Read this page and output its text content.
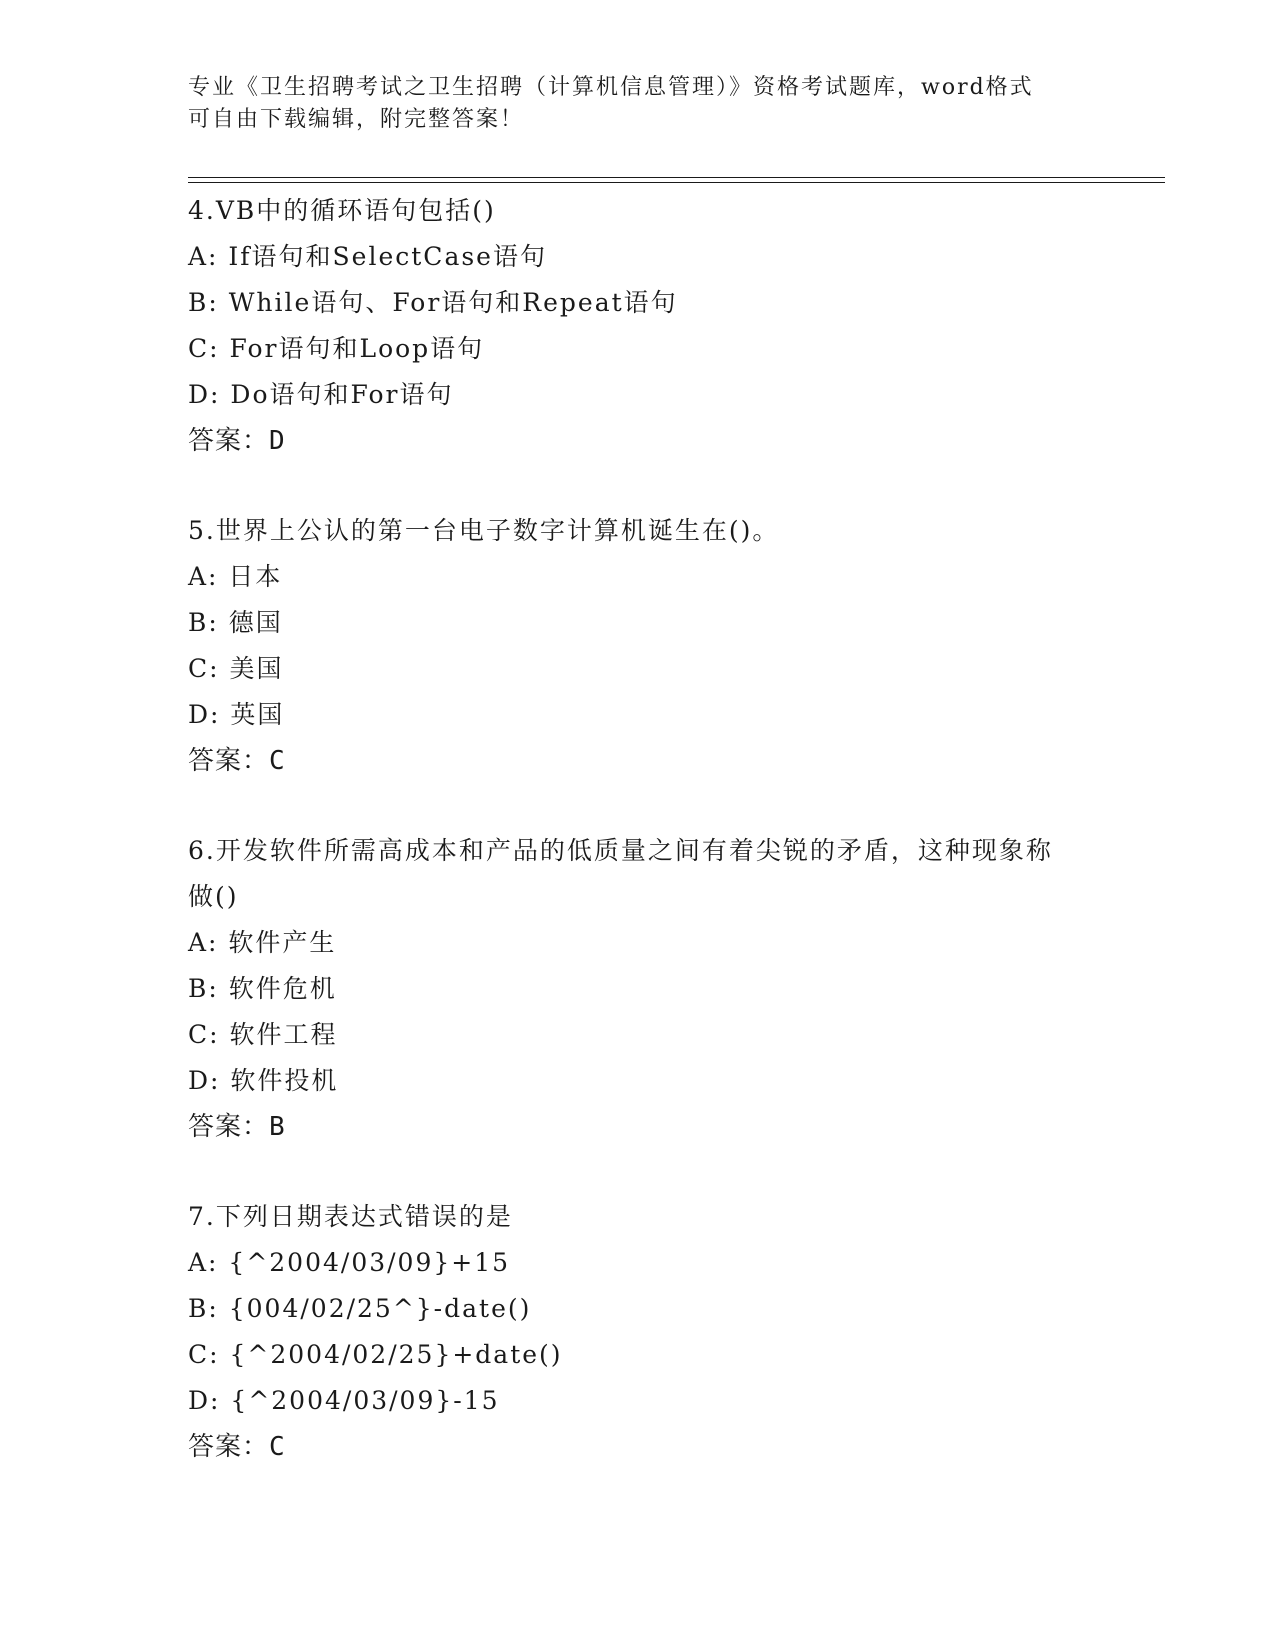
专业《卫生招聘考试之卫生招聘（计算机信息管理）》资格考试题库，word格式
可自由下载编辑，附完整答案！

4.VB中的循环语句包括()

A: If语句和SelectCase语句

B: While语句、For语句和Repeat语句

C: For语句和Loop语句

D: Do语句和For语句

答案：D

5.世界上公认的第一台电子数字计算机诞生在()。

A: 日本

B: 德国

C: 美国

D: 英国

答案：C

6.开发软件所需高成本和产品的低质量之间有着尖锐的矛盾，这种现象称做()

A: 软件产生

B: 软件危机

C: 软件工程

D: 软件投机

答案：B

7.下列日期表达式错误的是

A: {^2004/03/09}+15

B: {004/02/25^}-date()

C: {^2004/02/25}+date()

D: {^2004/03/09}-15

答案：C
